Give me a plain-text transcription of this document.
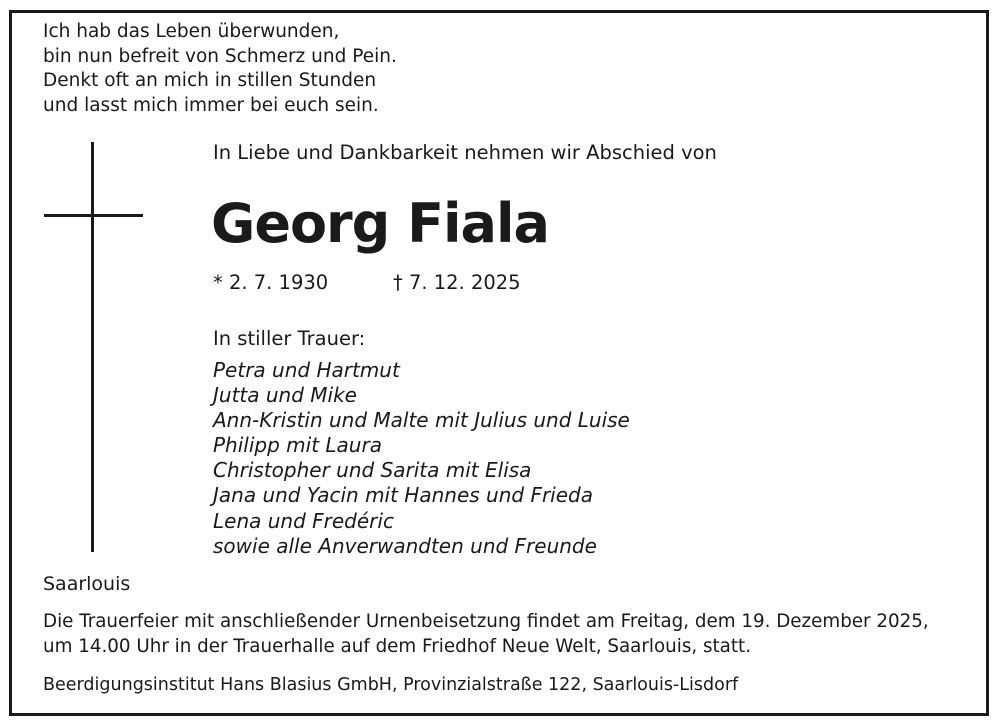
Ich hab das Leben überwunden,
bin nun befreit von Schmerz und Pein.
Denkt oft an mich in stillen Stunden
und lasst mich immer bei euch sein.
In Liebe und Dankbarkeit nehmen wir Abschied von
Georg Fiala
* 2. 7. 1930	† 7. 12. 2025
In stiller Trauer:
Petra und Hartmut
Jutta und Mike
Ann-Kristin und Malte mit Julius und Luise
Philipp mit Laura
Christopher und Sarita mit Elisa
Jana und Yacin mit Hannes und Frieda
Lena und Fredéric
sowie alle Anverwandten und Freunde
Saarlouis
Die Trauerfeier mit anschließender Urnenbeisetzung findet am Freitag, dem 19. Dezember 2025,
um 14.00 Uhr in der Trauerhalle auf dem Friedhof Neue Welt, Saarlouis, statt.
Beerdigungsinstitut Hans Blasius GmbH, Provinzialstraße 122, Saarlouis-Lisdorf
